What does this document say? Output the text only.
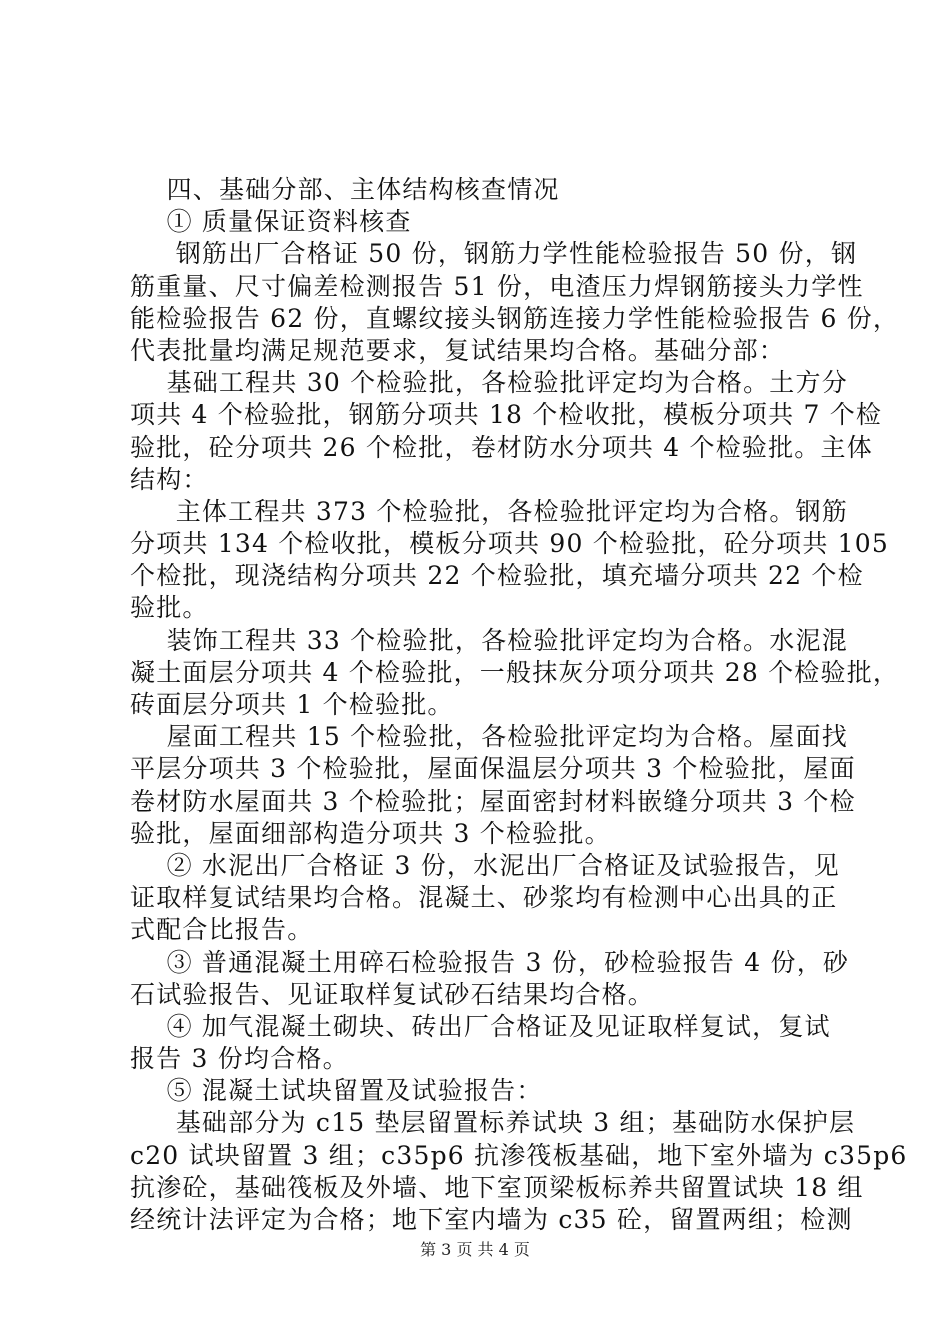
四、基础分部、主体结构核查情况
① 质量保证资料核查
钢筋出厂合格证 50 份，钢筋力学性能检验报告 50 份，钢
筋重量、尺寸偏差检测报告 51 份，电渣压力焊钢筋接头力学性
能检验报告 62 份，直螺纹接头钢筋连接力学性能检验报告 6 份，
代表批量均满足规范要求，复试结果均合格。基础分部：
基础工程共 30 个检验批，各检验批评定均为合格。土方分
项共 4 个检验批，钢筋分项共 18 个检收批，模板分项共 7 个检
验批，砼分项共 26 个检批，卷材防水分项共 4 个检验批。主体
结构：
主体工程共 373 个检验批，各检验批评定均为合格。钢筋
分项共 134 个检收批，模板分项共 90 个检验批，砼分项共 105
个检批，现浇结构分项共 22 个检验批，填充墙分项共 22 个检
验批。
装饰工程共 33 个检验批，各检验批评定均为合格。水泥混
凝土面层分项共 4 个检验批，一般抹灰分项分项共 28 个检验批，
砖面层分项共 1 个检验批。
屋面工程共 15 个检验批，各检验批评定均为合格。屋面找
平层分项共 3 个检验批，屋面保温层分项共 3 个检验批，屋面
卷材防水屋面共 3 个检验批；屋面密封材料嵌缝分项共 3 个检
验批，屋面细部构造分项共 3 个检验批。
② 水泥出厂合格证 3 份，水泥出厂合格证及试验报告，见
证取样复试结果均合格。混凝土、砂浆均有检测中心出具的正
式配合比报告。
③ 普通混凝土用碎石检验报告 3 份，砂检验报告 4 份，砂
石试验报告、见证取样复试砂石结果均合格。
④ 加气混凝土砌块、砖出厂合格证及见证取样复试，复试
报告 3 份均合格。
⑤ 混凝土试块留置及试验报告：
基础部分为 c15 垫层留置标养试块 3 组；基础防水保护层
c20 试块留置 3 组；c35p6 抗渗筏板基础，地下室外墙为 c35p6
抗渗砼，基础筏板及外墙、地下室顶梁板标养共留置试块 18 组
经统计法评定为合格；地下室内墙为 c35 砼，留置两组；检测
第 3 页 共 4 页
